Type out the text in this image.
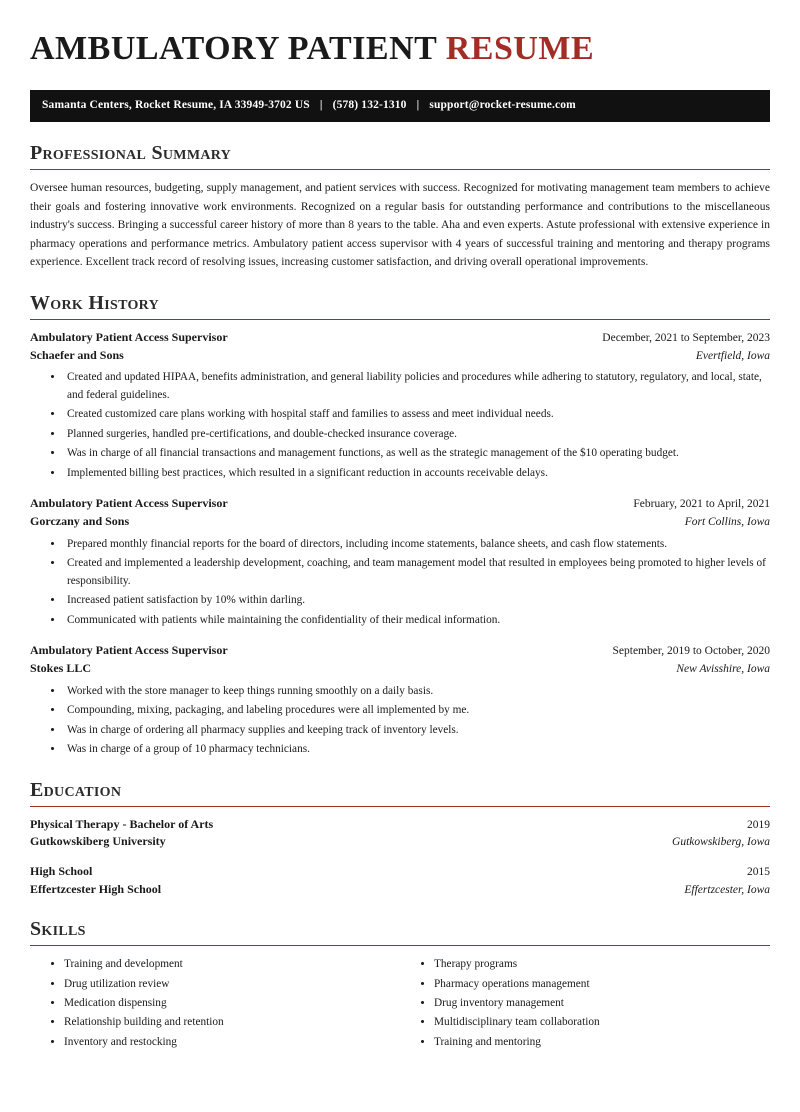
AMBULATORY PATIENT RESUME
Samanta Centers, Rocket Resume, IA 33949-3702 US | (578) 132-1310 | support@rocket-resume.com
Professional Summary

Oversee human resources, budgeting, supply management, and patient services with success. Recognized for motivating management team members to achieve their goals and fostering innovative work environments. Recognized on a regular basis for outstanding performance and contributions to the miscellaneous industry's success. Bringing a successful career history of more than 8 years to the table. Aha and even experts. Astute professional with extensive experience in pharmacy operations and performance metrics. Ambulatory patient access supervisor with 4 years of successful training and mentoring and therapy programs experience. Excellent track record of resolving issues, increasing customer satisfaction, and driving overall operational improvements.

Work History
Ambulatory Patient Access Supervisor	December, 2021 to September, 2023
Schaefer and Sons	Evertfield, Iowa
• Created and updated HIPAA, benefits administration, and general liability policies and procedures while adhering to statutory, regulatory, and local, state, and federal guidelines.
• Created customized care plans working with hospital staff and families to assess and meet individual needs.
• Planned surgeries, handled pre-certifications, and double-checked insurance coverage.
• Was in charge of all financial transactions and management functions, as well as the strategic management of the $10 operating budget.
• Implemented billing best practices, which resulted in a significant reduction in accounts receivable delays.
Ambulatory Patient Access Supervisor	February, 2021 to April, 2021
Gorczany and Sons	Fort Collins, Iowa
• Prepared monthly financial reports for the board of directors, including income statements, balance sheets, and cash flow statements.
• Created and implemented a leadership development, coaching, and team management model that resulted in employees being promoted to higher levels of responsibility.
• Increased patient satisfaction by 10% within darling.
• Communicated with patients while maintaining the confidentiality of their medical information.
Ambulatory Patient Access Supervisor	September, 2019 to October, 2020
Stokes LLC	New Avisshire, Iowa
• Worked with the store manager to keep things running smoothly on a daily basis.
• Compounding, mixing, packaging, and labeling procedures were all implemented by me.
• Was in charge of ordering all pharmacy supplies and keeping track of inventory levels.
• Was in charge of a group of 10 pharmacy technicians.
Education
Physical Therapy - Bachelor of Arts	2019
Gutkowskiberg University	Gutkowskiberg, Iowa
High School	2015
Effertzcester High School	Effertzcester, Iowa
Skills
• Training and development
• Drug utilization review
• Medication dispensing
• Relationship building and retention
• Inventory and restocking
• Therapy programs
• Pharmacy operations management
• Drug inventory management
• Multidisciplinary team collaboration
• Training and mentoring
